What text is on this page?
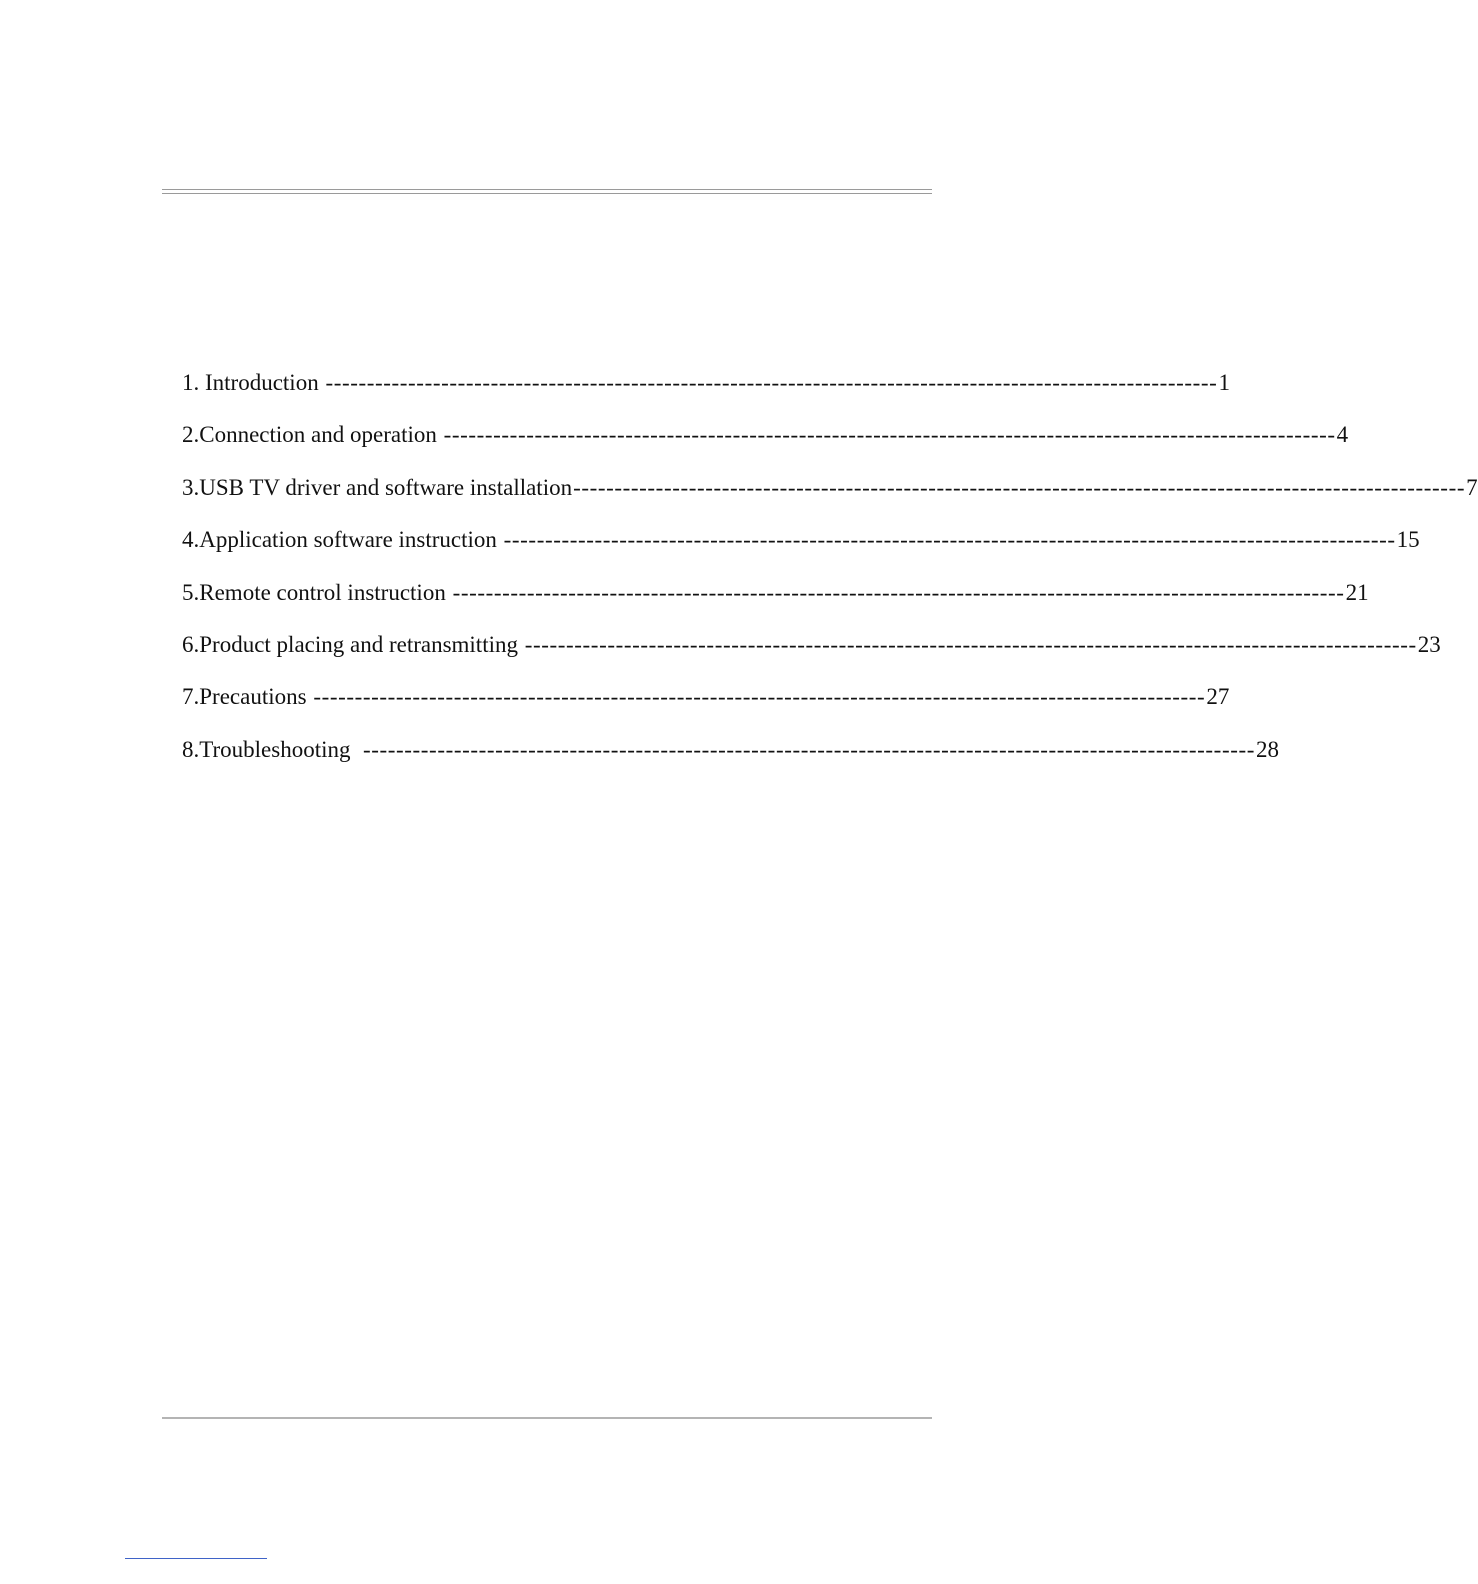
1. Introduction ------------------------------------------------------------------------------------------------------------ 1
2.Connection and operation ------------------------------------------------------------------------------------------------------------ 4
3.USB TV driver and software installation ------------------------------------------------------------------------------------------------------------ 7
4.Application software instruction ------------------------------------------------------------------------------------------------------------ 15
5.Remote control instruction ------------------------------------------------------------------------------------------------------------ 21
6.Product placing and retransmitting ------------------------------------------------------------------------------------------------------------ 23
7.Precautions ------------------------------------------------------------------------------------------------------------ 27
8.Troubleshooting ------------------------------------------------------------------------------------------------------------ 28
